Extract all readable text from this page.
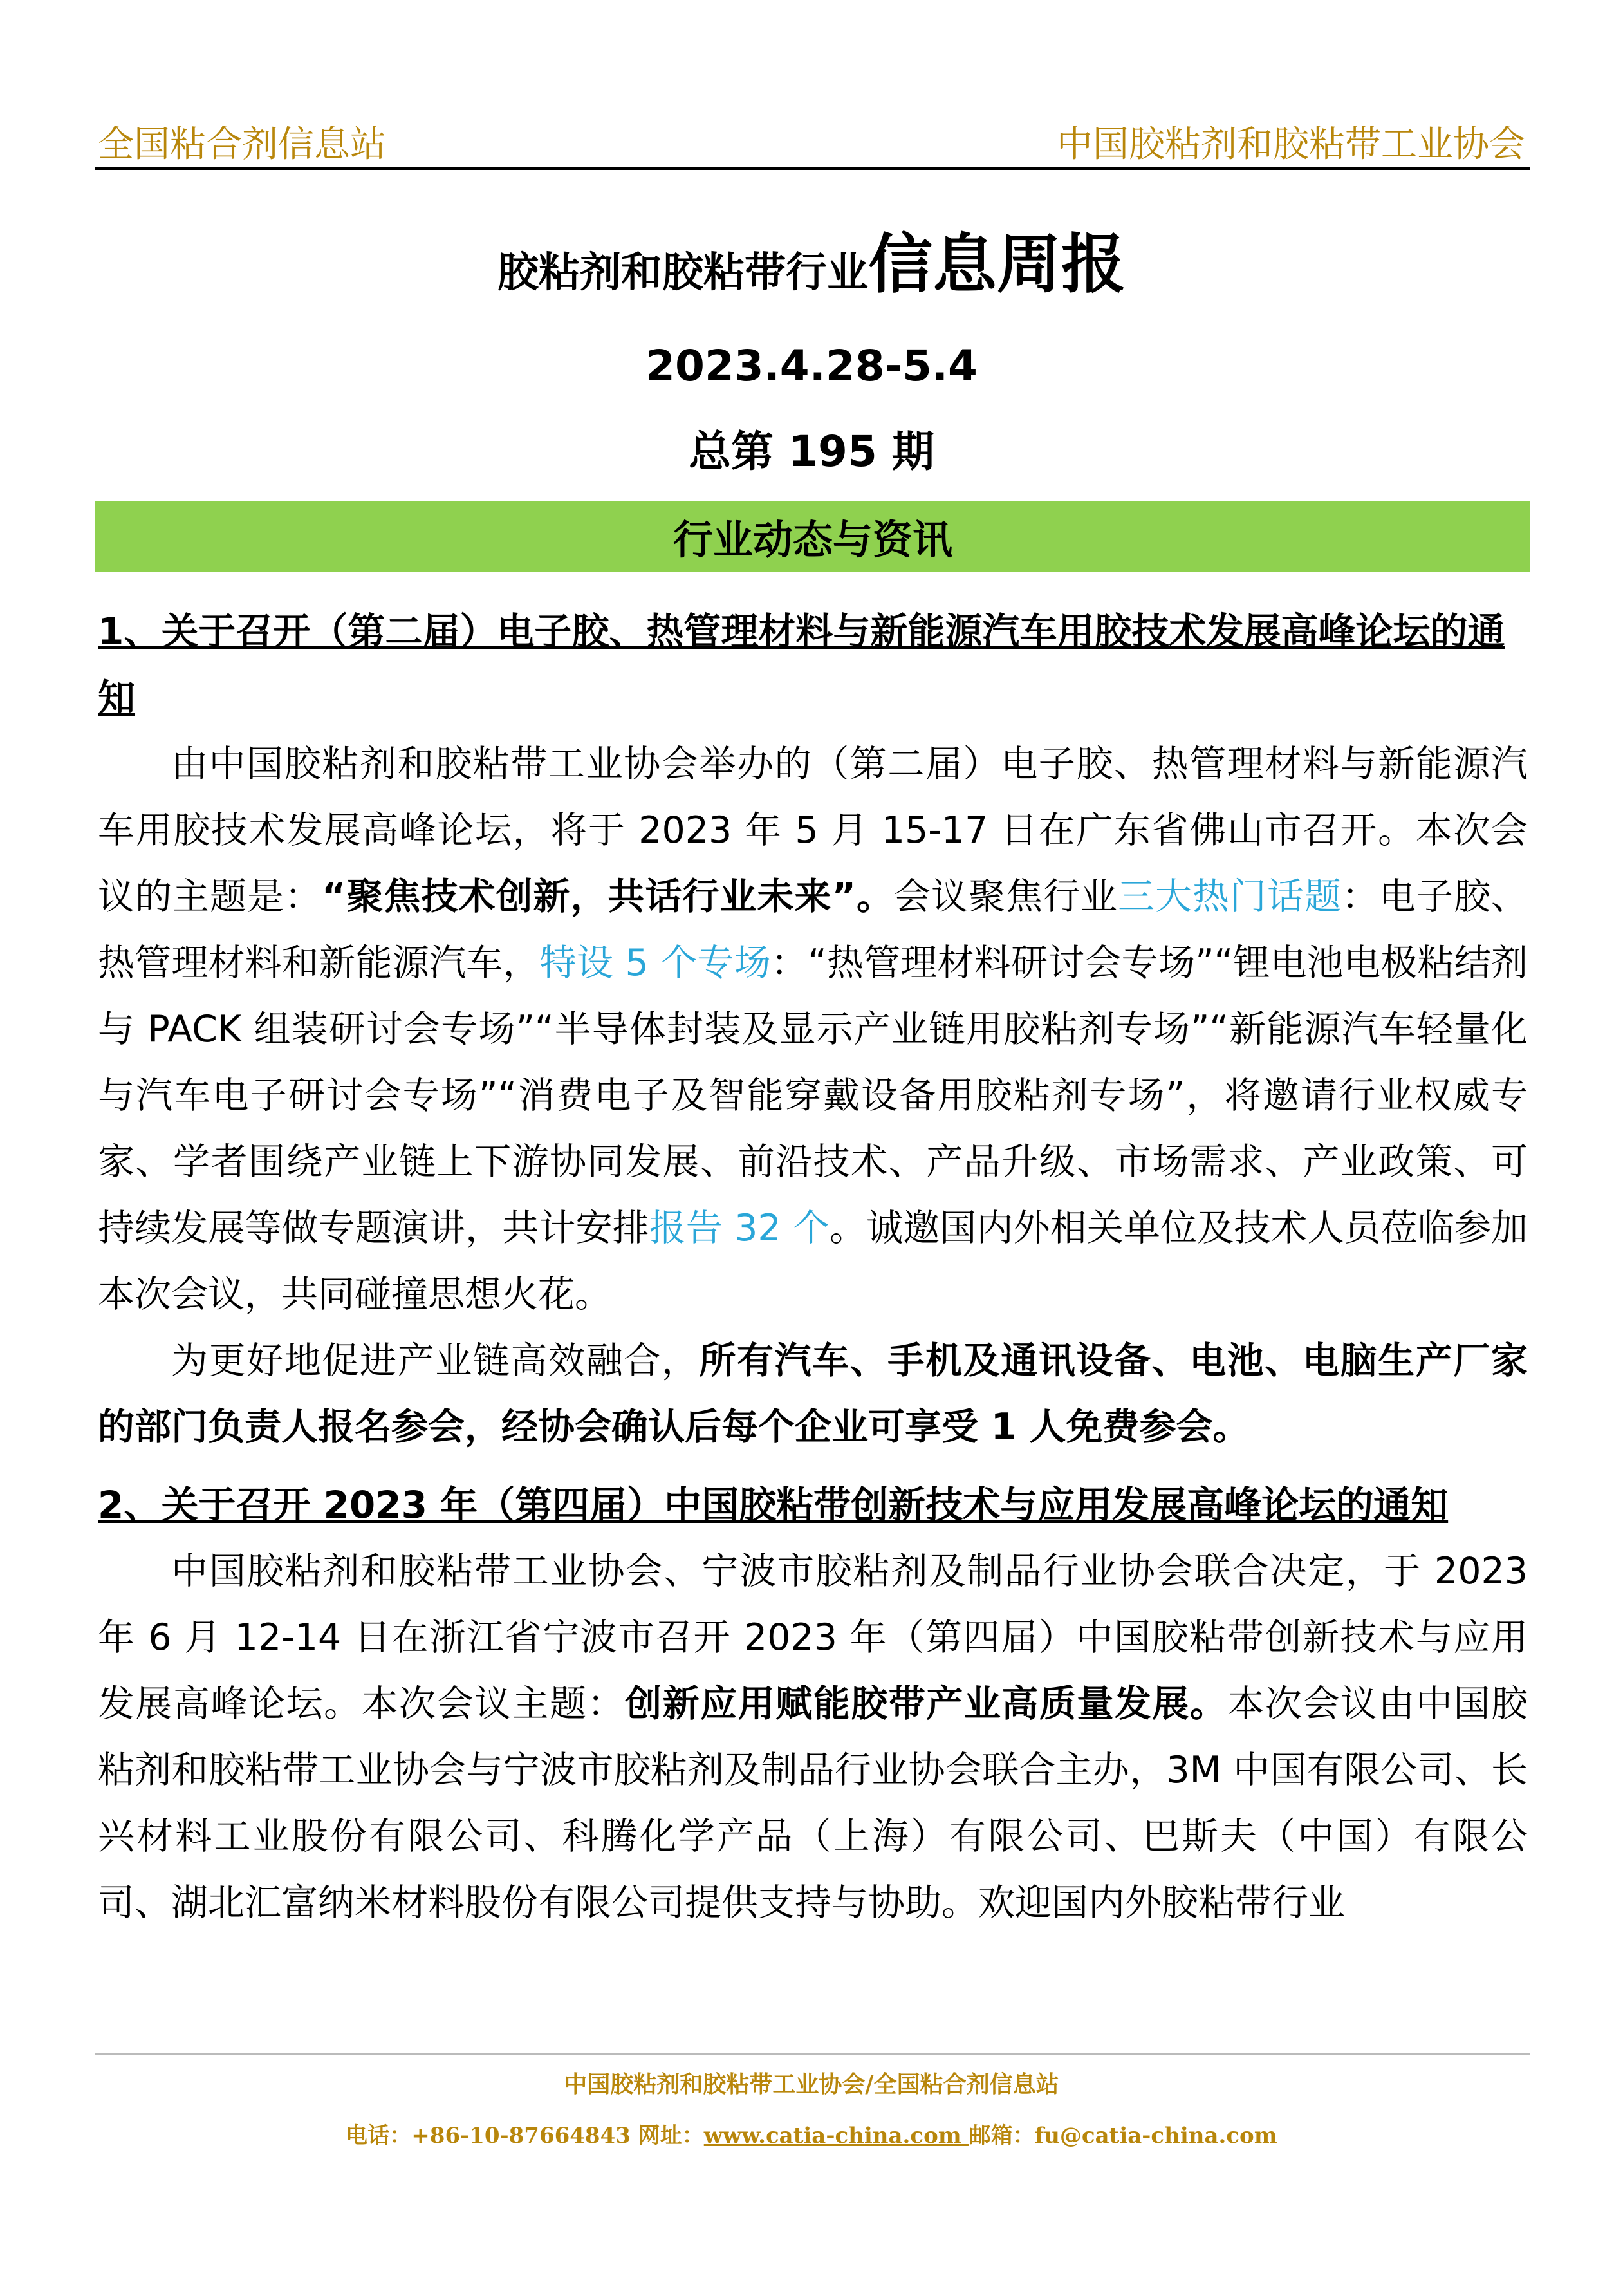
全国粘合剂信息站	中国胶粘剂和胶粘带工业协会
胶粘剂和胶粘带行业信息周报
2023.4.28-5.4
总第 195 期
行业动态与资讯
1、关于召开（第二届）电子胶、热管理材料与新能源汽车用胶技术发展高峰论坛的通知

由中国胶粘剂和胶粘带工业协会举办的（第二届）电子胶、热管理材料与新能源汽车用胶技术发展高峰论坛，将于 2023 年 5 月 15-17 日在广东省佛山市召开。本次会议的主题是：“聚焦技术创新，共话行业未来”。会议聚焦行业三大热门话题：电子胶、热管理材料和新能源汽车，特设 5 个专场：“热管理材料研讨会专场”“锂电池电极粘结剂与 PACK 组装研讨会专场”“半导体封装及显示产业链用胶粘剂专场”“新能源汽车轻量化与汽车电子研讨会专场”“消费电子及智能穿戴设备用胶粘剂专场”，将邀请行业权威专家、学者围绕产业链上下游协同发展、前沿技术、产品升级、市场需求、产业政策、可持续发展等做专题演讲，共计安排报告 32 个。诚邀国内外相关单位及技术人员莅临参加本次会议，共同碰撞思想火花。

为更好地促进产业链高效融合，所有汽车、手机及通讯设备、电池、电脑生产厂家的部门负责人报名参会，经协会确认后每个企业可享受 1 人免费参会。

2、关于召开 2023 年（第四届）中国胶粘带创新技术与应用发展高峰论坛的通知

中国胶粘剂和胶粘带工业协会、宁波市胶粘剂及制品行业协会联合决定，于 2023 年 6 月 12-14 日在浙江省宁波市召开 2023 年（第四届）中国胶粘带创新技术与应用发展高峰论坛。本次会议主题：创新应用赋能胶带产业高质量发展。本次会议由中国胶粘剂和胶粘带工业协会与宁波市胶粘剂及制品行业协会联合主办，3M 中国有限公司、长兴材料工业股份有限公司、科腾化学产品（上海）有限公司、巴斯夫（中国）有限公司、湖北汇富纳米材料股份有限公司提供支持与协助。欢迎国内外胶粘带行业

中国胶粘剂和胶粘带工业协会/全国粘合剂信息站
电话：+86-10-87664843 网址：www.catia-china.com 邮箱：fu@catia-china.com
